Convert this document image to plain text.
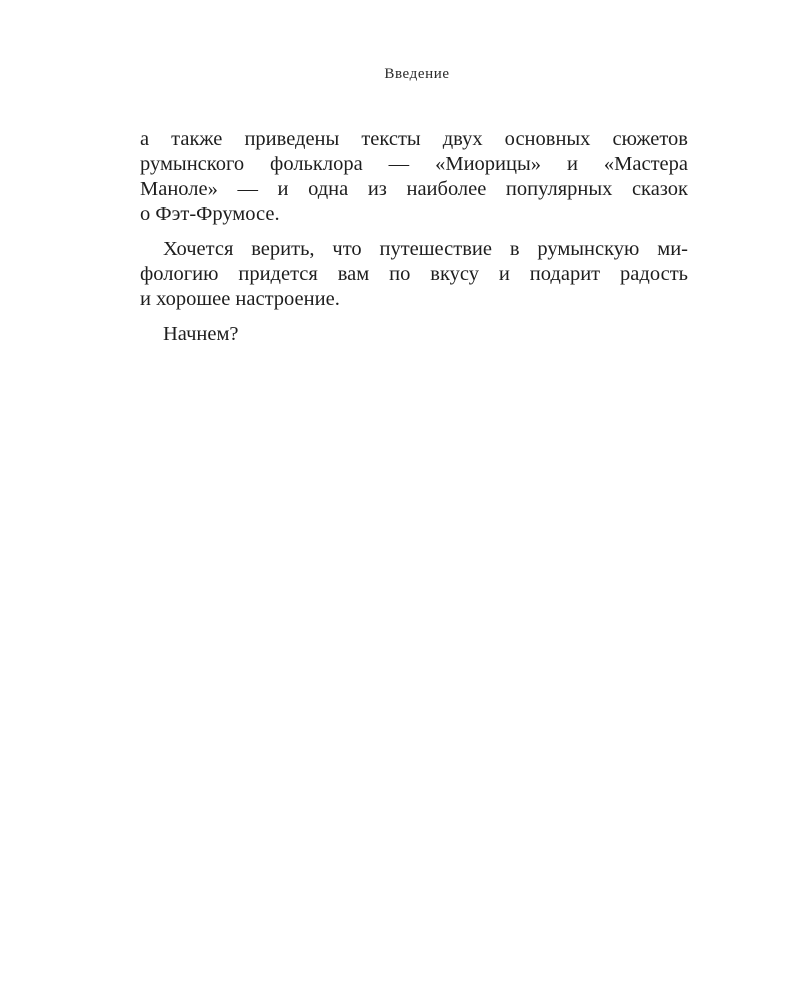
Введение
а также приведены тексты двух основных сюжетов
румынского фольклора — «Миорицы» и «Мастера
Маноле» — и одна из наиболее популярных сказок
о Фэт-Фрумосе.
Хочется верить, что путешествие в румынскую ми-
фологию придется вам по вкусу и подарит радость
и хорошее настроение.
Начнем?
